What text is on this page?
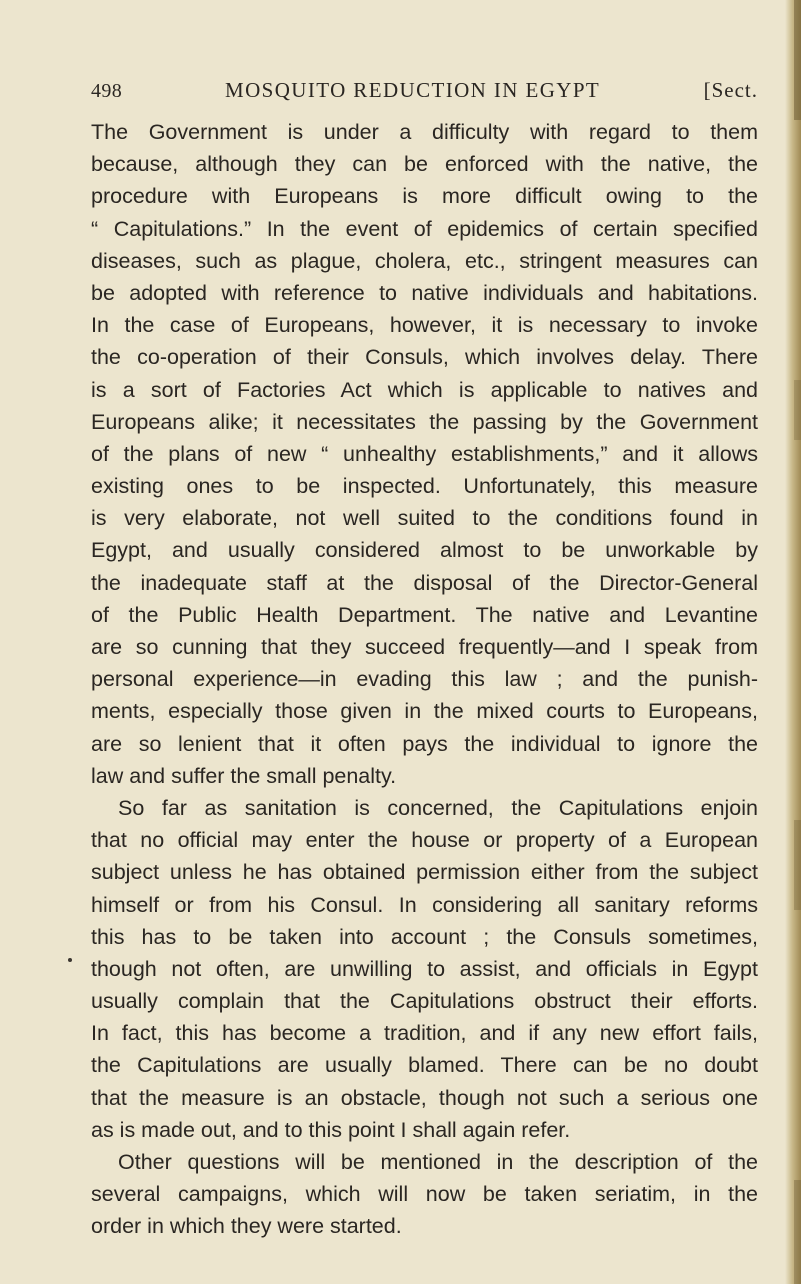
498	MOSQUITO REDUCTION IN EGYPT	[Sect.

The Government is under a difficulty with regard to them

because, although they can be enforced with the native, the

procedure with Europeans is more difficult owing to the

“ Capitulations.” In the event of epidemics of certain specified

diseases, such as plague, cholera, etc., stringent measures can

be adopted with reference to native individuals and habitations.

In the case of Europeans, however, it is necessary to invoke

the co-operation of their Consuls, which involves delay. There

is a sort of Factories Act which is applicable to natives and

Europeans alike; it necessitates the passing by the Government

of the plans of new “ unhealthy establishments,” and it allows

existing ones to be inspected. Unfortunately, this measure

is very elaborate, not well suited to the conditions found in

Egypt, and usually considered almost to be unworkable by

the inadequate staff at the disposal of the Director-General

of the Public Health Department. The native and Levantine

are so cunning that they succeed frequently—and I speak from

personal experience—in evading this law ; and the punish-

ments, especially those given in the mixed courts to Europeans,

are so lenient that it often pays the individual to ignore the

law and suffer the small penalty.

So far as sanitation is concerned, the Capitulations enjoin

that no official may enter the house or property of a European

subject unless he has obtained permission either from the subject

himself or from his Consul. In considering all sanitary reforms

this has to be taken into account ; the Consuls sometimes,

though not often, are unwilling to assist, and officials in Egypt

usually complain that the Capitulations obstruct their efforts.

In fact, this has become a tradition, and if any new effort fails,

the Capitulations are usually blamed. There can be no doubt

that the measure is an obstacle, though not such a serious one

as is made out, and to this point I shall again refer.

Other questions will be mentioned in the description of the

several campaigns, which will now be taken seriatim, in the

order in which they were started.
